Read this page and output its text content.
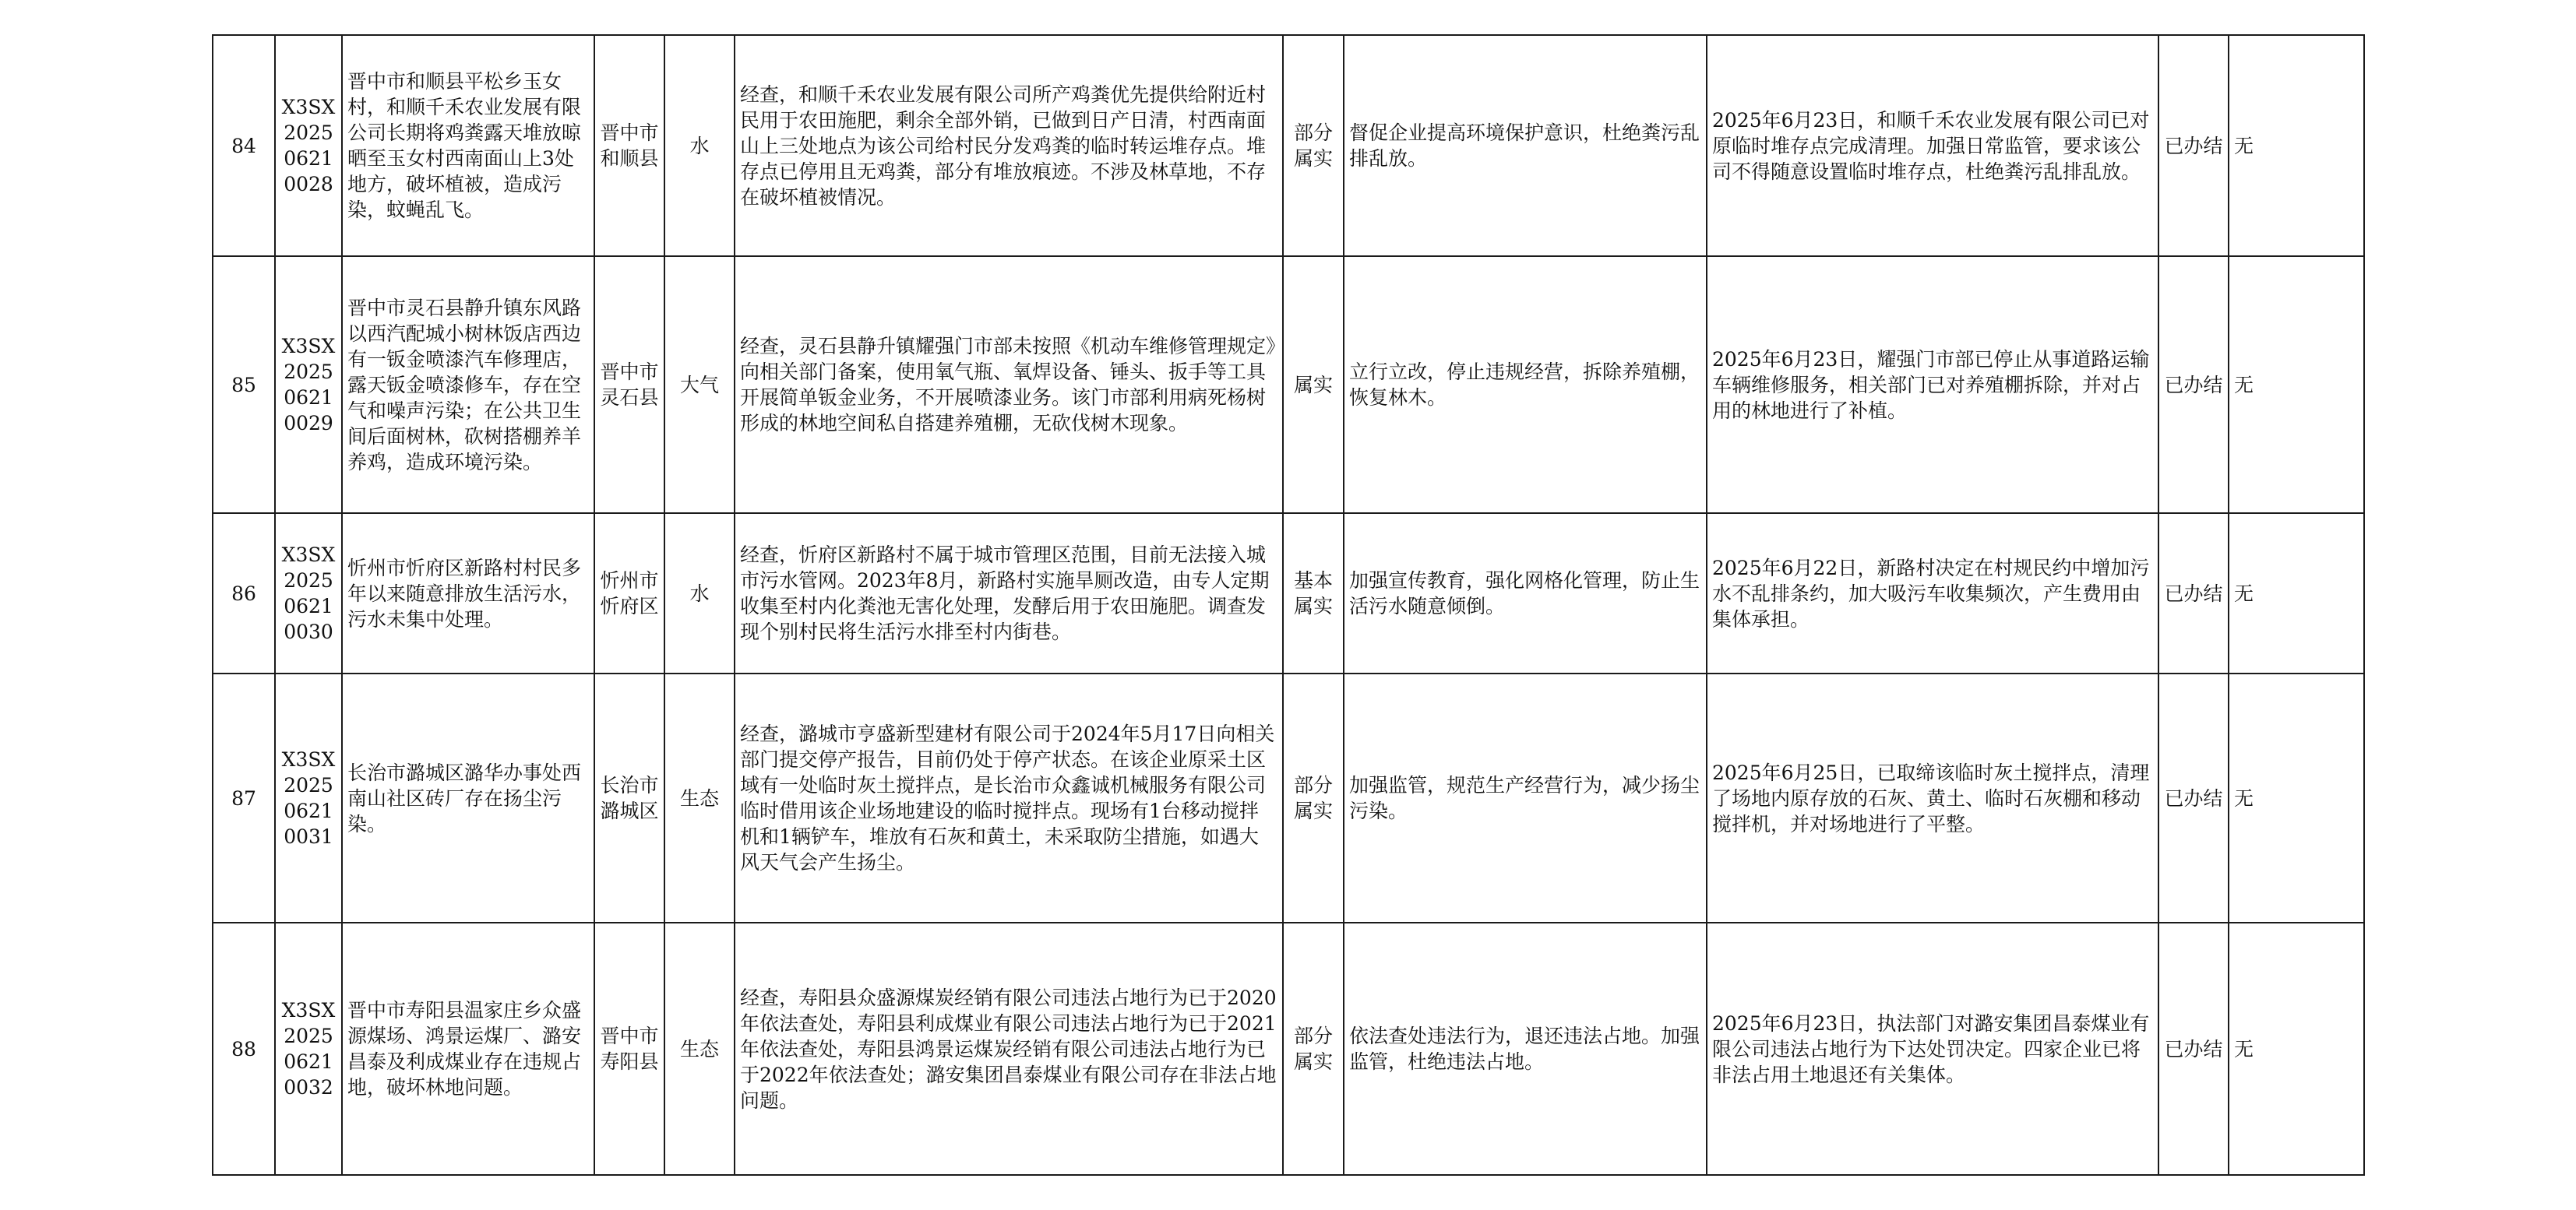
84	X3SX202506210028	晋中市和顺县平松乡玉女村，和顺千禾农业发展有限公司长期将鸡粪露天堆放晾晒至玉女村西南面山上3处地方，破坏植被，造成污染，蚊蝇乱飞。	晋中市和顺县	水	经查，和顺千禾农业发展有限公司所产鸡粪优先提供给附近村民用于农田施肥，剩余全部外销，已做到日产日清，村西南面山上三处地点为该公司给村民分发鸡粪的临时转运堆存点。堆存点已停用且无鸡粪，部分有堆放痕迹。不涉及林草地，不存在破坏植被情况。	部分属实	督促企业提高环境保护意识，杜绝粪污乱排乱放。	2025年6月23日，和顺千禾农业发展有限公司已对原临时堆存点完成清理。加强日常监管，要求该公司不得随意设置临时堆存点，杜绝粪污乱排乱放。	已办结	无
85	X3SX202506210029	晋中市灵石县静升镇东风路以西汽配城小树林饭店西边有一钣金喷漆汽车修理店，露天钣金喷漆修车，存在空气和噪声污染；在公共卫生间后面树林，砍树搭棚养羊养鸡，造成环境污染。	晋中市灵石县	大气	经查，灵石县静升镇耀强门市部未按照《机动车维修管理规定》向相关部门备案，使用氧气瓶、氧焊设备、锤头、扳手等工具开展简单钣金业务，不开展喷漆业务。该门市部利用病死杨树形成的林地空间私自搭建养殖棚，无砍伐树木现象。	属实	立行立改，停止违规经营，拆除养殖棚，恢复林木。	2025年6月23日，耀强门市部已停止从事道路运输车辆维修服务，相关部门已对养殖棚拆除，并对占用的林地进行了补植。	已办结	无
86	X3SX202506210030	忻州市忻府区新路村村民多年以来随意排放生活污水，污水未集中处理。	忻州市忻府区	水	经查，忻府区新路村不属于城市管理区范围，目前无法接入城市污水管网。2023年8月，新路村实施旱厕改造，由专人定期收集至村内化粪池无害化处理，发酵后用于农田施肥。调查发现个别村民将生活污水排至村内街巷。	基本属实	加强宣传教育，强化网格化管理，防止生活污水随意倾倒。	2025年6月22日，新路村决定在村规民约中增加污水不乱排条约，加大吸污车收集频次，产生费用由集体承担。	已办结	无
87	X3SX202506210031	长治市潞城区潞华办事处西南山社区砖厂存在扬尘污染。	长治市潞城区	生态	经查，潞城市亨盛新型建材有限公司于2024年5月17日向相关部门提交停产报告，目前仍处于停产状态。在该企业原采土区域有一处临时灰土搅拌点，是长治市众鑫诚机械服务有限公司临时借用该企业场地建设的临时搅拌点。现场有1台移动搅拌机和1辆铲车，堆放有石灰和黄土，未采取防尘措施，如遇大风天气会产生扬尘。	部分属实	加强监管，规范生产经营行为，减少扬尘污染。	2025年6月25日，已取缔该临时灰土搅拌点，清理了场地内原存放的石灰、黄土、临时石灰棚和移动搅拌机，并对场地进行了平整。	已办结	无
88	X3SX202506210032	晋中市寿阳县温家庄乡众盛源煤场、鸿景运煤厂、潞安昌泰及利成煤业存在违规占地，破坏林地问题。	晋中市寿阳县	生态	经查，寿阳县众盛源煤炭经销有限公司违法占地行为已于2020年依法查处，寿阳县利成煤业有限公司违法占地行为已于2021年依法查处，寿阳县鸿景运煤炭经销有限公司违法占地行为已于2022年依法查处；潞安集团昌泰煤业有限公司存在非法占地问题。	部分属实	依法查处违法行为，退还违法占地。加强监管，杜绝违法占地。	2025年6月23日，执法部门对潞安集团昌泰煤业有限公司违法占地行为下达处罚决定。四家企业已将非法占用土地退还有关集体。	已办结	无
